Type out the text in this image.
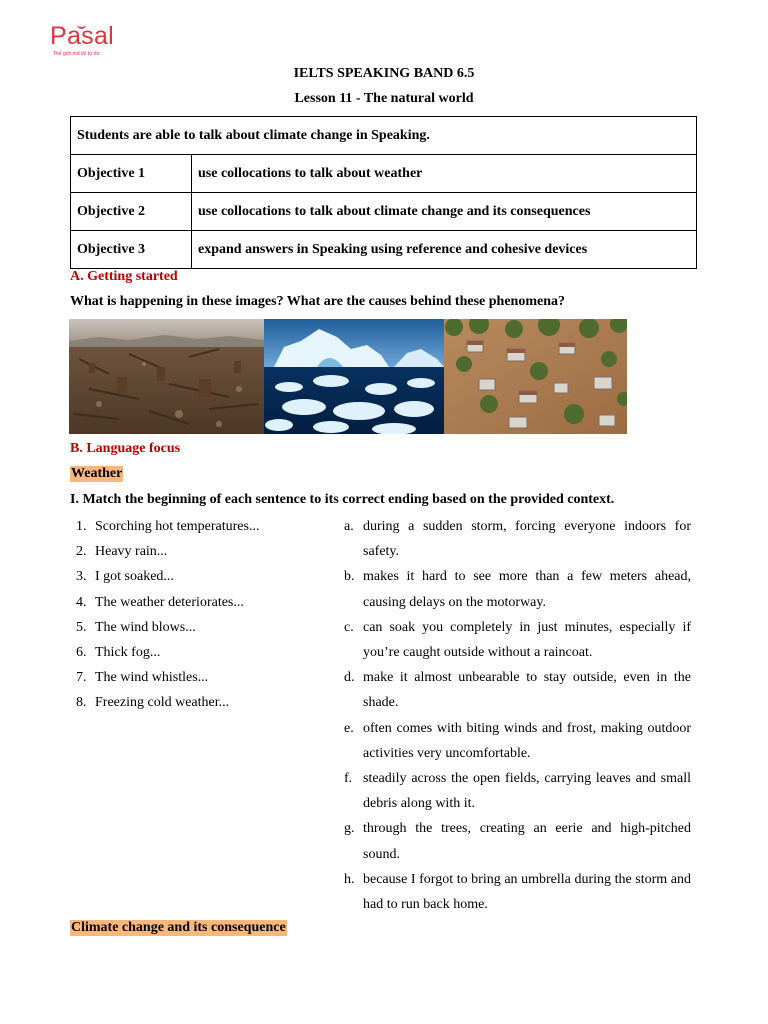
Pasal
Thế giới mà tôi tự do
IELTS SPEAKING BAND 6.5
Lesson 11 - The natural world
Students are able to talk about climate change in Speaking.	
Objective 1	use collocations to talk about weather
Objective 2	use collocations to talk about climate change and its consequences
Objective 3	expand answers in Speaking using reference and cohesive devices
A. Getting started
What is happening in these images? What are the causes behind these phenomena?
B. Language focus
Weather
I. Match the beginning of each sentence to its correct ending based on the provided context.
1. Scorching hot temperatures...
2. Heavy rain...
3. I got soaked...
4. The weather deteriorates...
5. The wind blows...
6. Thick fog...
7. The wind whistles...
8. Freezing cold weather...
a. during a sudden storm, forcing everyone indoors for safety.
b. makes it hard to see more than a few meters ahead, causing delays on the motorway.
c. can soak you completely in just minutes, especially if you’re caught outside without a raincoat.
d. make it almost unbearable to stay outside, even in the shade.
e. often comes with biting winds and frost, making outdoor activities very uncomfortable.
f. steadily across the open fields, carrying leaves and small debris along with it.
g. through the trees, creating an eerie and high-pitched sound.
h. because I forgot to bring an umbrella during the storm and had to run back home.
Climate change and its consequence
